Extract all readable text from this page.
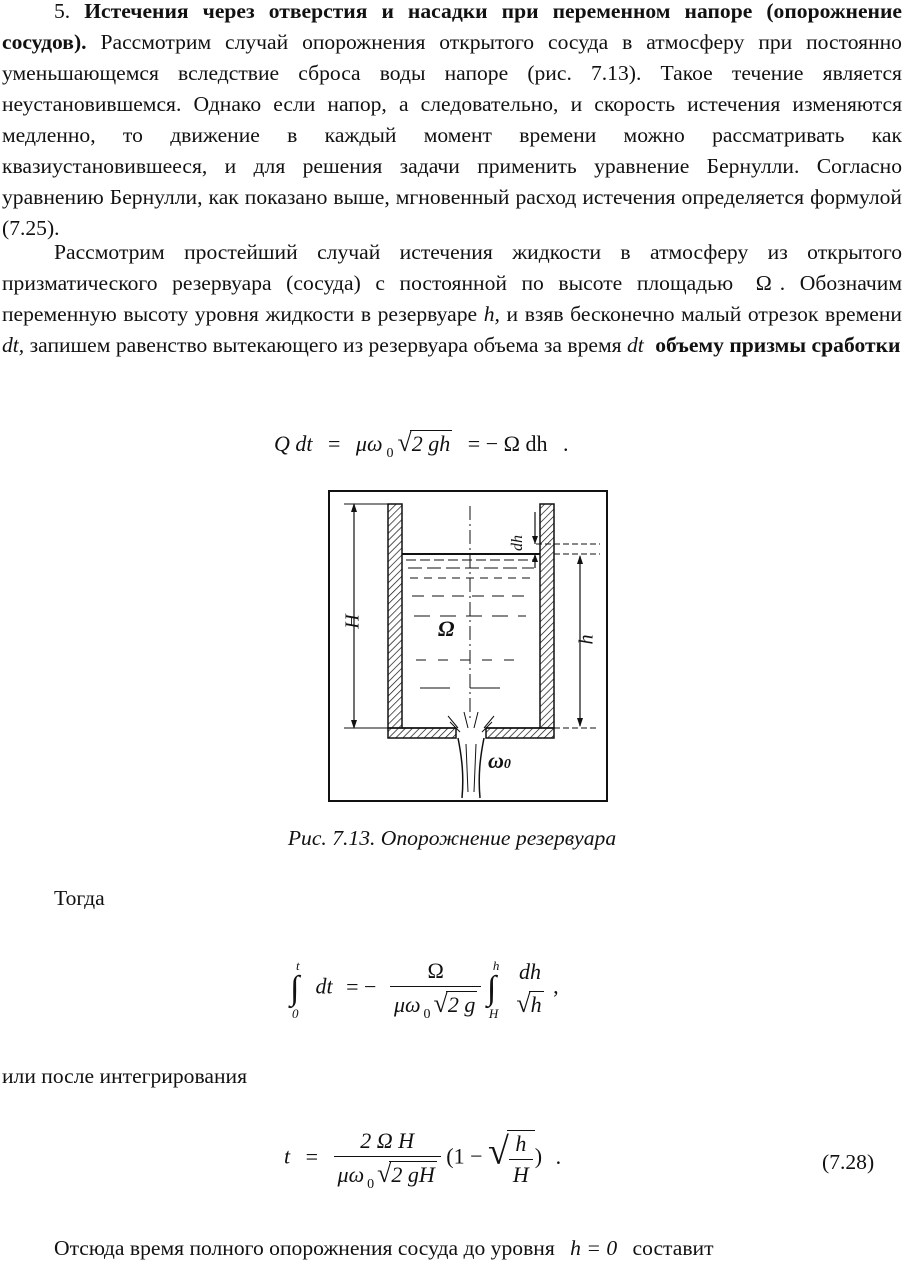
5. Истечения через отверстия и насадки при переменном напоре (опорожнение сосудов). Рассмотрим случай опорожнения открытого сосуда в атмосферу при постоянно уменьшающемся вследствие сброса воды напоре (рис. 7.13). Такое течение является неустановившемся. Однако если напор, а следовательно, и скорость истечения изменяются медленно, то движение в каждый момент времени можно рассматривать как квазиустановившееся, и для решения задачи применить уравнение Бернулли. Согласно уравнению Бернулли, как показано выше, мгновенный расход истечения определяется формулой (7.25).
Рассмотрим простейший случай истечения жидкости в атмосферу из открытого призматического резервуара (сосуда) с постоянной по высоте площадью Ω . Обозначим переменную высоту уровня жидкости в резервуаре h, и взяв бесконечно малый отрезок времени dt, запишем равенство вытекающего из резервуара объема за время dt объему призмы сработки
Q dt = μω $_0$ √2 gh = − Ω dh .
H
h
dh
Ω
ω0
Рис. 7.13. Опорожнение резервуара
Тогда
∫
t
0
dt = − $\frac{\Omega}{\mu\omega _0 √2 g}$ ∫
h
H

dh
√h
,
или после интегрирования
$t = \frac{\text{2 Ω H}}{\mu\omega _0 √2 gH} (1$ − √
$\frac{h}{H}$ ) .	(7.28)
Отсюда время полного опорожнения сосуда до уровня h = 0 составит
